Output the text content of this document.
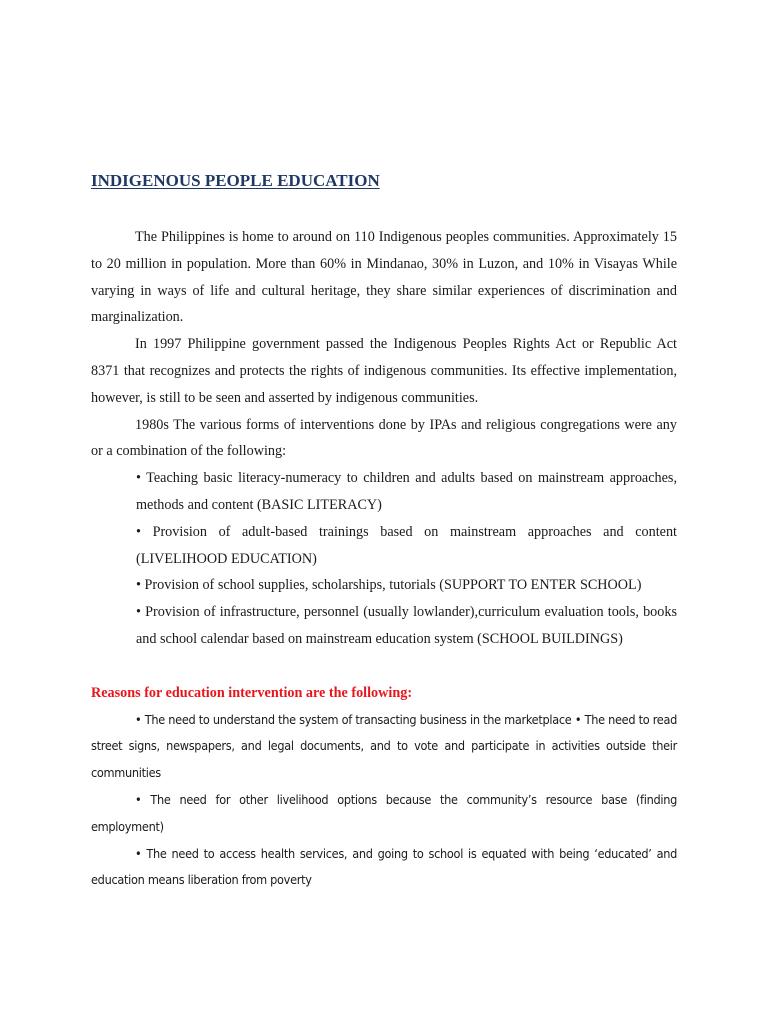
INDIGENOUS PEOPLE EDUCATION

The Philippines is home to around on 110 Indigenous peoples communities. Approximately 15 to 20 million in population. More than 60% in Mindanao, 30% in Luzon, and 10% in Visayas While varying in ways of life and cultural heritage, they share similar experiences of discrimination and marginalization.

In 1997 Philippine government passed the Indigenous Peoples Rights Act or Republic Act 8371 that recognizes and protects the rights of indigenous communities. Its effective implementation, however, is still to be seen and asserted by indigenous communities.

1980s The various forms of interventions done by IPAs and religious congregations were any or a combination of the following:

• Teaching basic literacy-numeracy to children and adults based on mainstream approaches, methods and content (BASIC LITERACY)

• Provision of adult-based trainings based on mainstream approaches and content (LIVELIHOOD EDUCATION)

• Provision of school supplies, scholarships, tutorials (SUPPORT TO ENTER SCHOOL)

• Provision of infrastructure, personnel (usually lowlander),curriculum evaluation tools, books and school calendar based on mainstream education system (SCHOOL BUILDINGS)

Reasons for education intervention are the following:

• The need to understand the system of transacting business in the marketplace • The need to read street signs, newspapers, and legal documents, and to vote and participate in activities outside their communities

• The need for other livelihood options because the community’s resource base (finding employment)

• The need to access health services, and going to school is equated with being ‘educated’ and education means liberation from poverty
